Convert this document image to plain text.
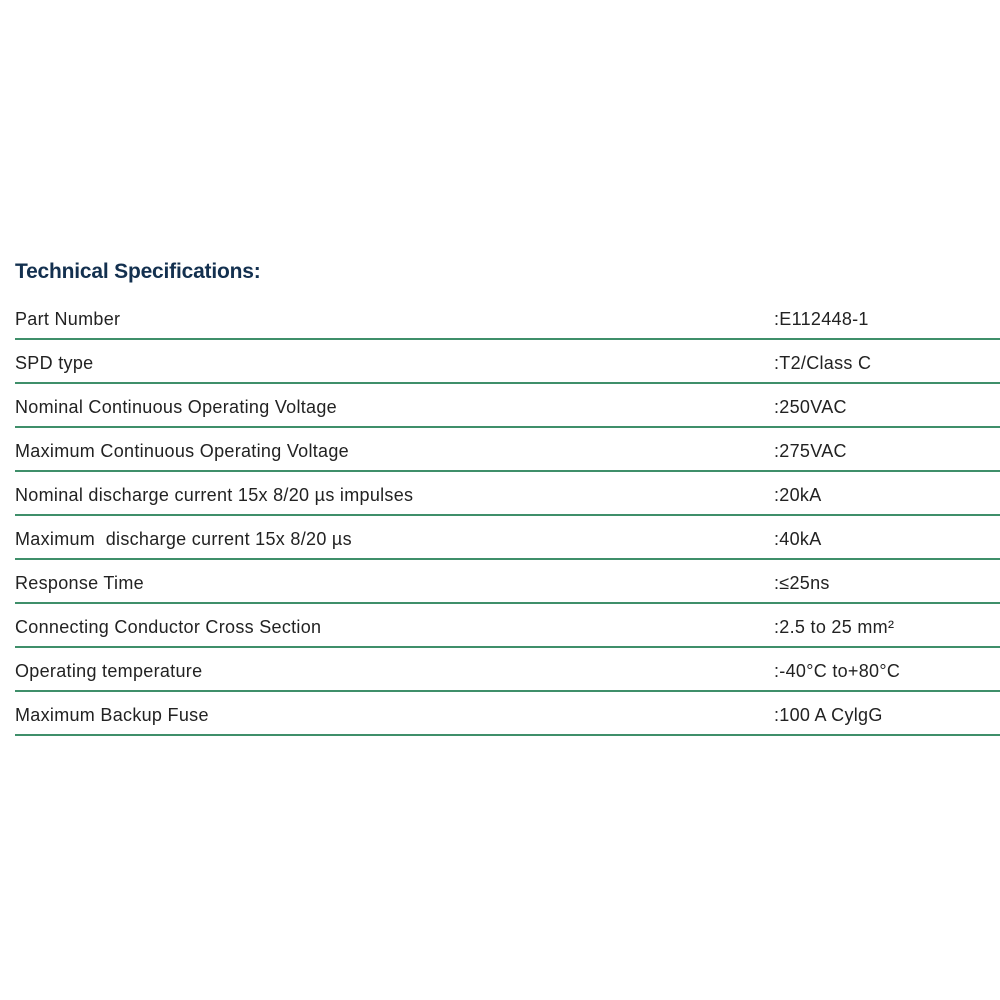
Technical Specifications:
Part Number	:E112448-1
SPD type	:T2/Class C
Nominal Continuous Operating Voltage	:250VAC
Maximum Continuous Operating Voltage	:275VAC
Nominal discharge current 15x 8/20 µs impulses	:20kA
Maximum  discharge current 15x 8/20 µs	:40kA
Response Time	:≤25ns
Connecting Conductor Cross Section	:2.5 to 25 mm²
Operating temperature	:-40°C to+80°C
Maximum Backup Fuse	:100 A CylgG
